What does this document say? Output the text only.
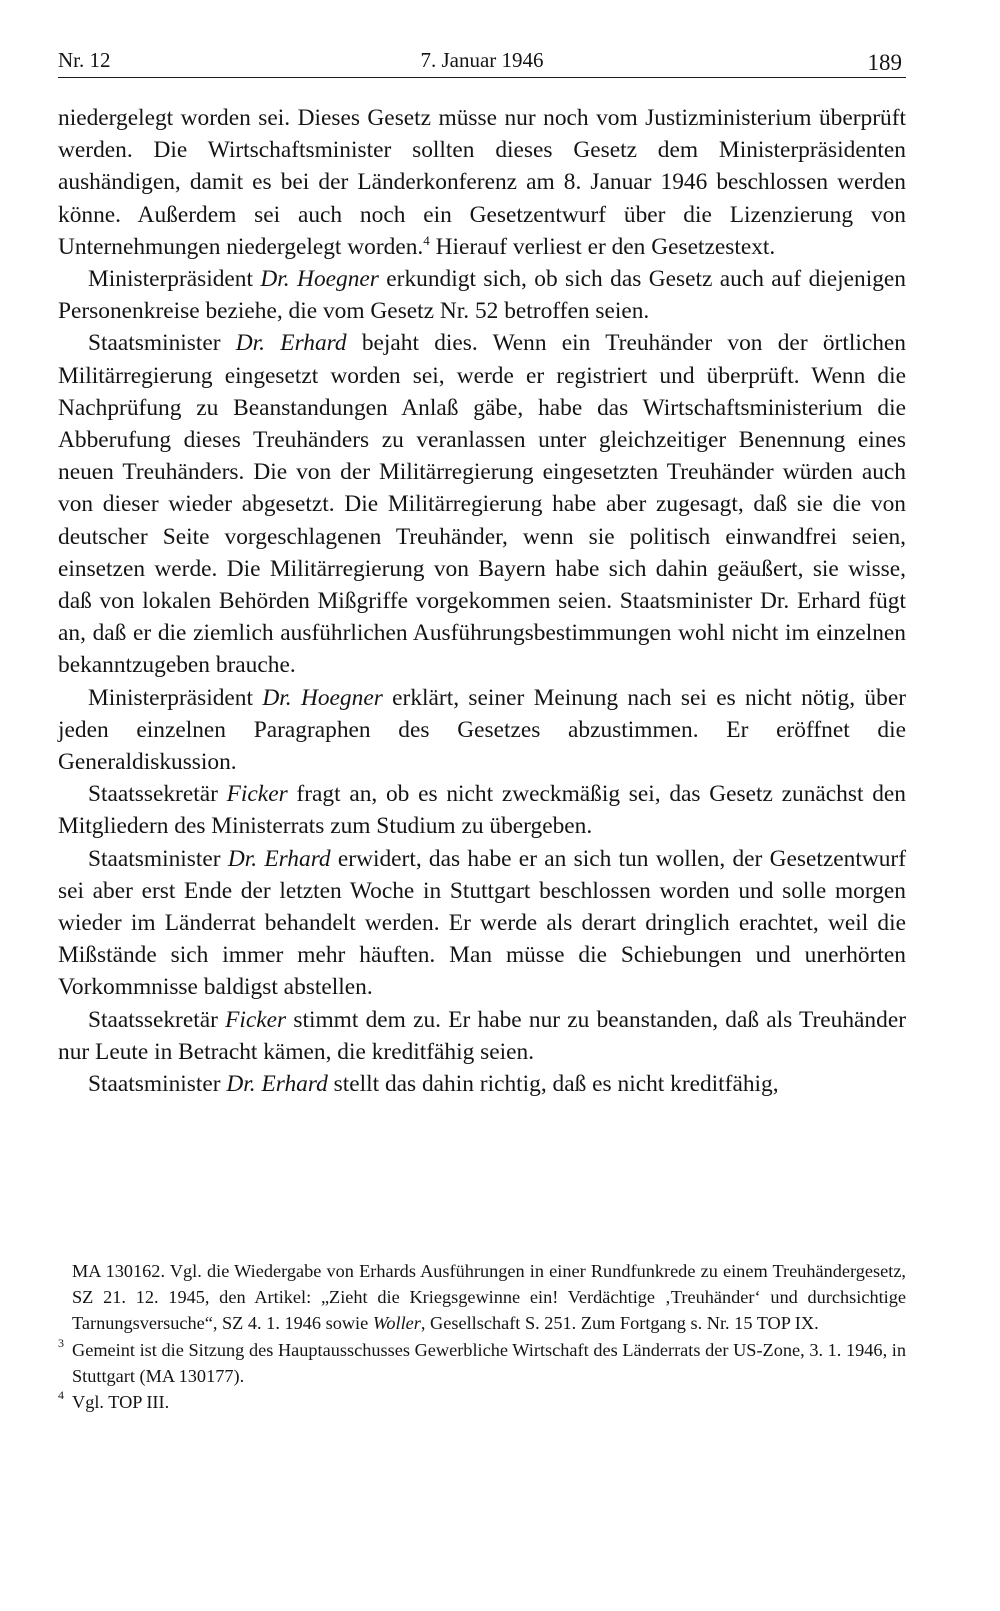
Nr. 12	7. Januar 1946	189

niedergelegt worden sei. Dieses Gesetz müsse nur noch vom Justizministerium überprüft werden. Die Wirtschaftsminister sollten dieses Gesetz dem Ministerpräsidenten aushändigen, damit es bei der Länderkonferenz am 8. Januar 1946 beschlossen werden könne. Außerdem sei auch noch ein Gesetzentwurf über die Lizenzierung von Unternehmungen niedergelegt worden.$^4$ Hierauf verliest er den Gesetzestext.

Ministerpräsident Dr. Hoegner erkundigt sich, ob sich das Gesetz auch auf diejenigen Personenkreise beziehe, die vom Gesetz Nr. 52 betroffen seien.

Staatsminister Dr. Erhard bejaht dies. Wenn ein Treuhänder von der örtlichen Militärregierung eingesetzt worden sei, werde er registriert und überprüft. Wenn die Nachprüfung zu Beanstandungen Anlaß gäbe, habe das Wirtschaftsministerium die Abberufung dieses Treuhänders zu veranlassen unter gleichzeitiger Benennung eines neuen Treuhänders. Die von der Militärregierung eingesetzten Treuhänder würden auch von dieser wieder abgesetzt. Die Militärregierung habe aber zugesagt, daß sie die von deutscher Seite vorgeschlagenen Treuhänder, wenn sie politisch einwandfrei seien, einsetzen werde. Die Militärregierung von Bayern habe sich dahin geäußert, sie wisse, daß von lokalen Behörden Mißgriffe vorgekommen seien. Staatsminister Dr. Erhard fügt an, daß er die ziemlich ausführlichen Ausführungsbestimmungen wohl nicht im einzelnen bekanntzugeben brauche.

Ministerpräsident Dr. Hoegner erklärt, seiner Meinung nach sei es nicht nötig, über jeden einzelnen Paragraphen des Gesetzes abzustimmen. Er eröffnet die Generaldiskussion.

Staatssekretär Ficker fragt an, ob es nicht zweckmäßig sei, das Gesetz zunächst den Mitgliedern des Ministerrats zum Studium zu übergeben.

Staatsminister Dr. Erhard erwidert, das habe er an sich tun wollen, der Gesetzentwurf sei aber erst Ende der letzten Woche in Stuttgart beschlossen worden und solle morgen wieder im Länderrat behandelt werden. Er werde als derart dringlich erachtet, weil die Mißstände sich immer mehr häuften. Man müsse die Schiebungen und unerhörten Vorkommnisse baldigst abstellen.

Staatssekretär Ficker stimmt dem zu. Er habe nur zu beanstanden, daß als Treuhänder nur Leute in Betracht kämen, die kreditfähig seien.

Staatsminister Dr. Erhard stellt das dahin richtig, daß es nicht kreditfähig,

MA 130162. Vgl. die Wiedergabe von Erhards Ausführungen in einer Rundfunkrede zu einem Treuhändergesetz, SZ 21. 12. 1945, den Artikel: „Zieht die Kriegsgewinne ein! Verdächtige ‚Treuhänder‘ und durchsichtige Tarnungsversuche“, SZ 4. 1. 1946 sowie Woller, Gesellschaft S. 251. Zum Fortgang s. Nr. 15 TOP IX.

3 Gemeint ist die Sitzung des Hauptausschusses Gewerbliche Wirtschaft des Länderrats der US-Zone, 3. 1. 1946, in Stuttgart (MA 130177).

4 Vgl. TOP III.
